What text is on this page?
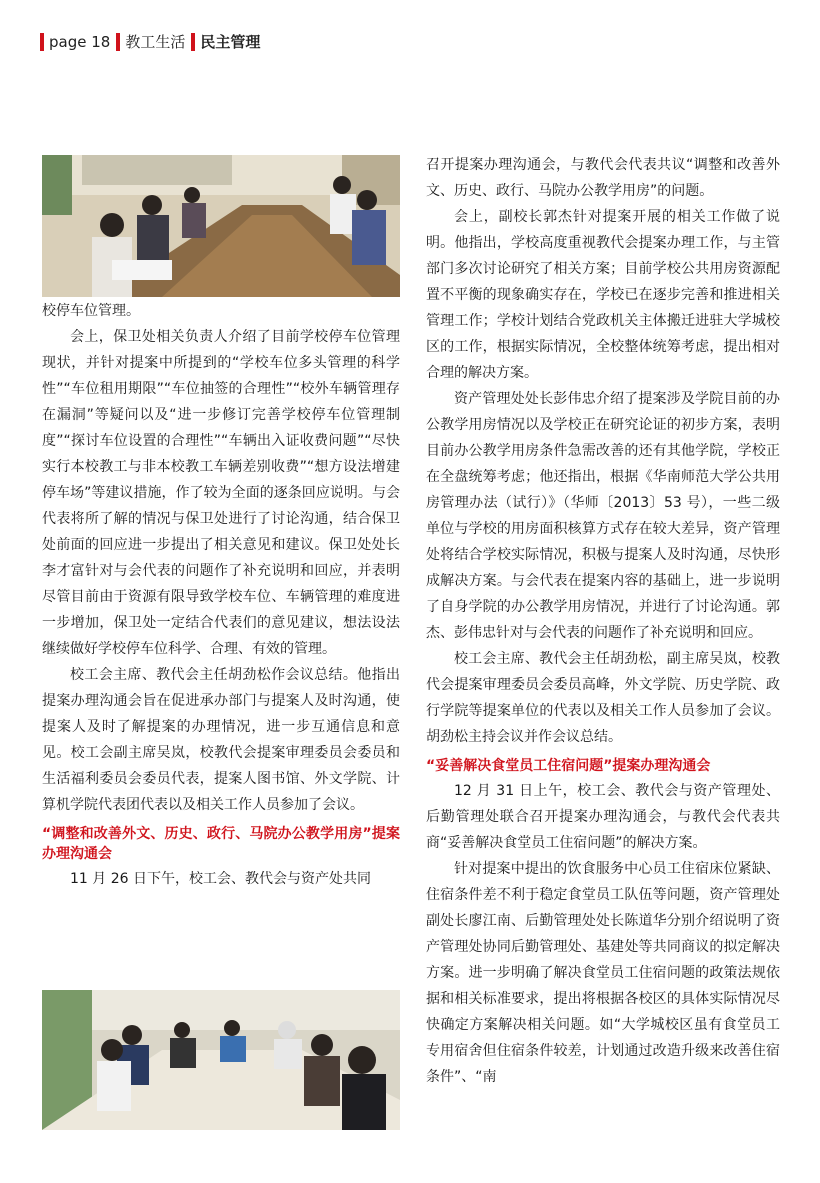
page 18 教工生活 民主管理

校停车位管理。

会上，保卫处相关负责人介绍了目前学校停车位管理现状，并针对提案中所提到的“学校车位多头管理的科学性”“车位租用期限”“车位抽签的合理性”“校外车辆管理存在漏洞”等疑问以及“进一步修订完善学校停车位管理制度”“探讨车位设置的合理性”“车辆出入证收费问题”“尽快实行本校教工与非本校教工车辆差别收费”“想方设法增建停车场”等建议措施，作了较为全面的逐条回应说明。与会代表将所了解的情况与保卫处进行了讨论沟通，结合保卫处前面的回应进一步提出了相关意见和建议。保卫处处长李才富针对与会代表的问题作了补充说明和回应，并表明尽管目前由于资源有限导致学校车位、车辆管理的难度进一步增加，保卫处一定结合代表们的意见建议，想法设法继续做好学校停车位科学、合理、有效的管理。

校工会主席、教代会主任胡劲松作会议总结。他指出提案办理沟通会旨在促进承办部门与提案人及时沟通，使提案人及时了解提案的办理情况，进一步互通信息和意见。校工会副主席吴岚，校教代会提案审理委员会委员和生活福利委员会委员代表，提案人图书馆、外文学院、计算机学院代表团代表以及相关工作人员参加了会议。

“调整和改善外文、历史、政行、马院办公教学用房”提案办理沟通会

11 月 26 日下午，校工会、教代会与资产处共同

召开提案办理沟通会，与教代会代表共议“调整和改善外文、历史、政行、马院办公教学用房”的问题。

会上，副校长郭杰针对提案开展的相关工作做了说明。他指出，学校高度重视教代会提案办理工作，与主管部门多次讨论研究了相关方案；目前学校公共用房资源配置不平衡的现象确实存在，学校已在逐步完善和推进相关管理工作；学校计划结合党政机关主体搬迁进驻大学城校区的工作，根据实际情况，全校整体统筹考虑，提出相对合理的解决方案。

资产管理处处长彭伟忠介绍了提案涉及学院目前的办公教学用房情况以及学校正在研究论证的初步方案，表明目前办公教学用房条件急需改善的还有其他学院，学校正在全盘统筹考虑；他还指出，根据《华南师范大学公共用房管理办法（试行）》（华师〔2013〕53 号），一些二级单位与学校的用房面积核算方式存在较大差异，资产管理处将结合学校实际情况，积极与提案人及时沟通，尽快形成解决方案。与会代表在提案内容的基础上，进一步说明了自身学院的办公教学用房情况，并进行了讨论沟通。郭杰、彭伟忠针对与会代表的问题作了补充说明和回应。

校工会主席、教代会主任胡劲松，副主席吴岚，校教代会提案审理委员会委员高峰，外文学院、历史学院、政行学院等提案单位的代表以及相关工作人员参加了会议。胡劲松主持会议并作会议总结。

“妥善解决食堂员工住宿问题”提案办理沟通会

12 月 31 日上午，校工会、教代会与资产管理处、后勤管理处联合召开提案办理沟通会，与教代会代表共商“妥善解决食堂员工住宿问题”的解决方案。

针对提案中提出的饮食服务中心员工住宿床位紧缺、住宿条件差不利于稳定食堂员工队伍等问题，资产管理处副处长廖江南、后勤管理处处长陈道华分别介绍说明了资产管理处协同后勤管理处、基建处等共同商议的拟定解决方案。进一步明确了解决食堂员工住宿问题的政策法规依据和相关标准要求，提出将根据各校区的具体实际情况尽快确定方案解决相关问题。如“大学城校区虽有食堂员工专用宿舍但住宿条件较差，计划通过改造升级来改善住宿条件”、“南
